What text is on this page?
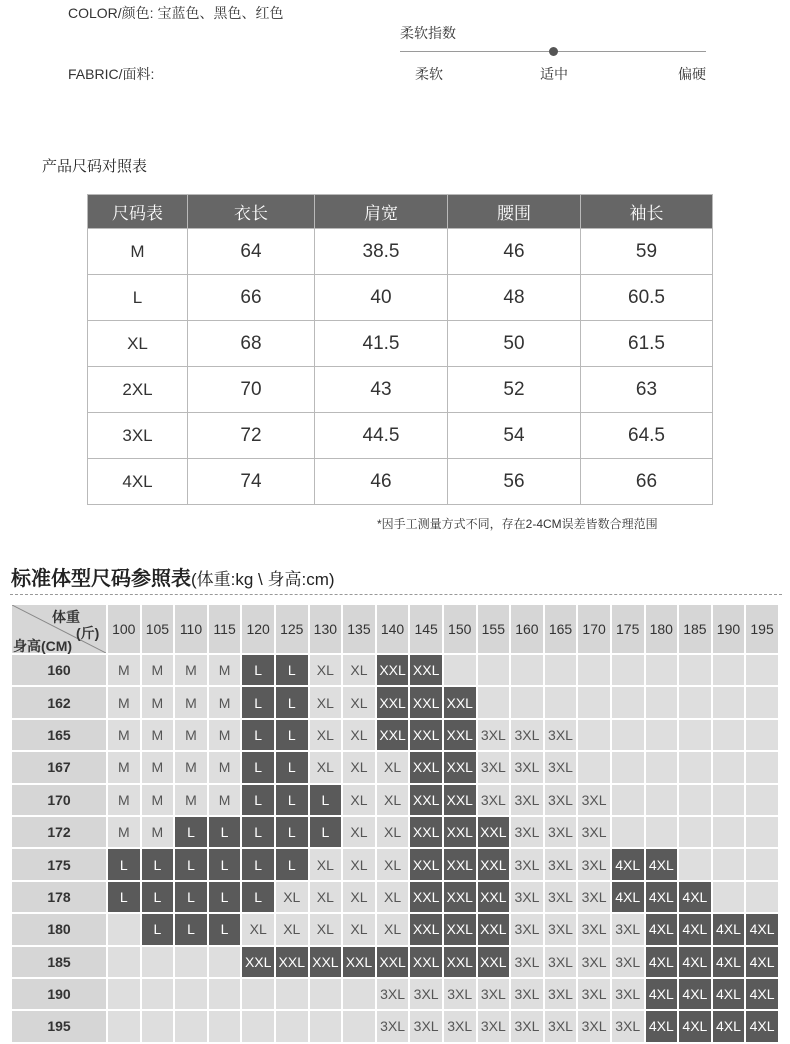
COLOR/颜色: 宝蓝色、黑色、红色
FABRIC/面料:
柔软指数
柔软	适中	偏硬
产品尺码对照表
尺码表	衣长	肩宽	腰围	袖长
M	64	38.5	46	59
L	66	40	48	60.5
XL	68	41.5	50	61.5
2XL	70	43	52	63
3XL	72	44.5	54	64.5
4XL	74	46	56	66
*因手工测量方式不同，存在2-4CM误差皆数合理范围
标准体型尺码参照表(体重:kg \ 身高:cm)
体重
(斤)
身高(CM)	100	105	110	115	120	125	130	135	140	145	150	155	160	165	170	175	180	185	190	195
160	M	M	M	M	L	L	XL	XL	XXL	XXL										
162	M	M	M	M	L	L	XL	XL	XXL	XXL	XXL									
165	M	M	M	M	L	L	XL	XL	XXL	XXL	XXL	3XL	3XL	3XL						
167	M	M	M	M	L	L	XL	XL	XL	XXL	XXL	3XL	3XL	3XL						
170	M	M	M	M	L	L	L	XL	XL	XXL	XXL	3XL	3XL	3XL	3XL					
172	M	M	L	L	L	L	L	XL	XL	XXL	XXL	XXL	3XL	3XL	3XL					
175	L	L	L	L	L	L	XL	XL	XL	XXL	XXL	XXL	3XL	3XL	3XL	4XL	4XL			
178	L	L	L	L	L	XL	XL	XL	XL	XXL	XXL	XXL	3XL	3XL	3XL	4XL	4XL	4XL		
180		L	L	L	XL	XL	XL	XL	XL	XXL	XXL	XXL	3XL	3XL	3XL	3XL	4XL	4XL	4XL	4XL
185					XXL	XXL	XXL	XXL	XXL	XXL	XXL	XXL	3XL	3XL	3XL	3XL	4XL	4XL	4XL	4XL
190									3XL	3XL	3XL	3XL	3XL	3XL	3XL	3XL	4XL	4XL	4XL	4XL
195									3XL	3XL	3XL	3XL	3XL	3XL	3XL	3XL	4XL	4XL	4XL	4XL
